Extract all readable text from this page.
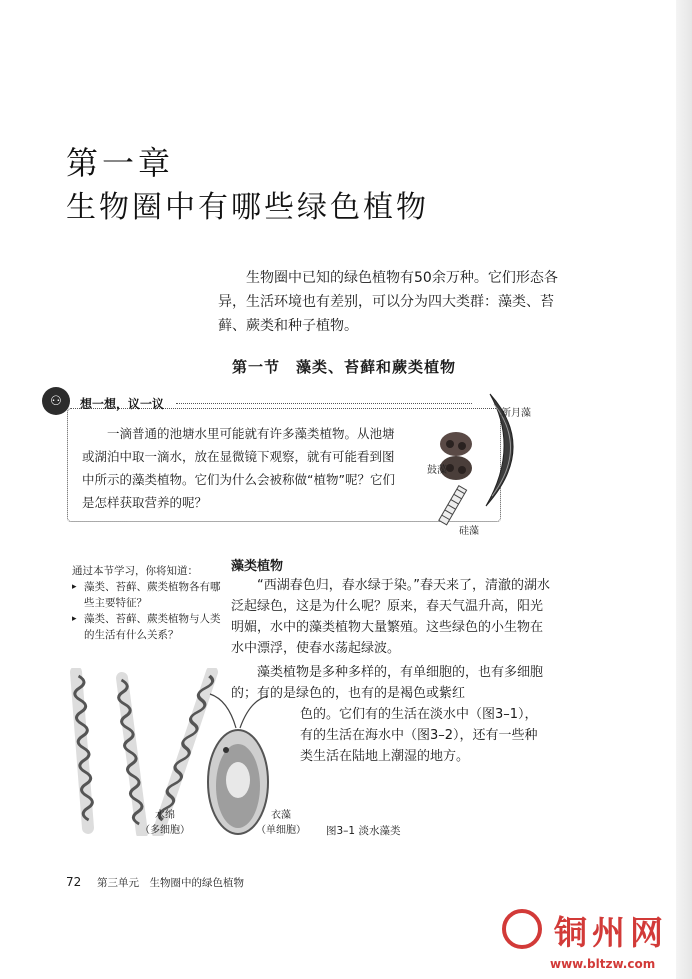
第一章
生物圈中有哪些绿色植物

生物圈中已知的绿色植物有50余万种。它们形态各异，生活环境也有差别，可以分为四大类群：藻类、苔藓、蕨类和种子植物。

第一节　藻类、苔藓和蕨类植物
⚇	想一想，议一议

一滴普通的池塘水里可能就有许多藻类植物。从池塘或湖泊中取一滴水，放在显微镜下观察，就有可能看到图中所示的藻类植物。它们为什么会被称做“植物”呢？它们是怎样获取营养的呢？

新月藻
鼓藻
硅藻

通过本节学习，你将知道：

▸ 藻类、苔藓、蕨类植物各有哪些主要特征？

▸ 藻类、苔藓、蕨类植物与人类的生活有什么关系？

藻类植物

“西湖春色归，春水绿于染。”春天来了，清澈的湖水泛起绿色，这是为什么呢？原来，春天气温升高，阳光明媚，水中的藻类植物大量繁殖。这些绿色的小生物在水中漂浮，使春水荡起绿波。

藻类植物是多种多样的，有单细胞的，也有多细胞的；有的是绿色的，也有的是褐色或紫红

色的。它们有的生活在淡水中（图3–1），有的生活在海水中（图3–2），还有一些种类生活在陆地上潮湿的地方。

水绵
（多细胞）
衣藻
（单细胞） 图3–1 淡水藻类
72 第三单元　生物圈中的绿色植物
铜州网
www.bltzw.com
